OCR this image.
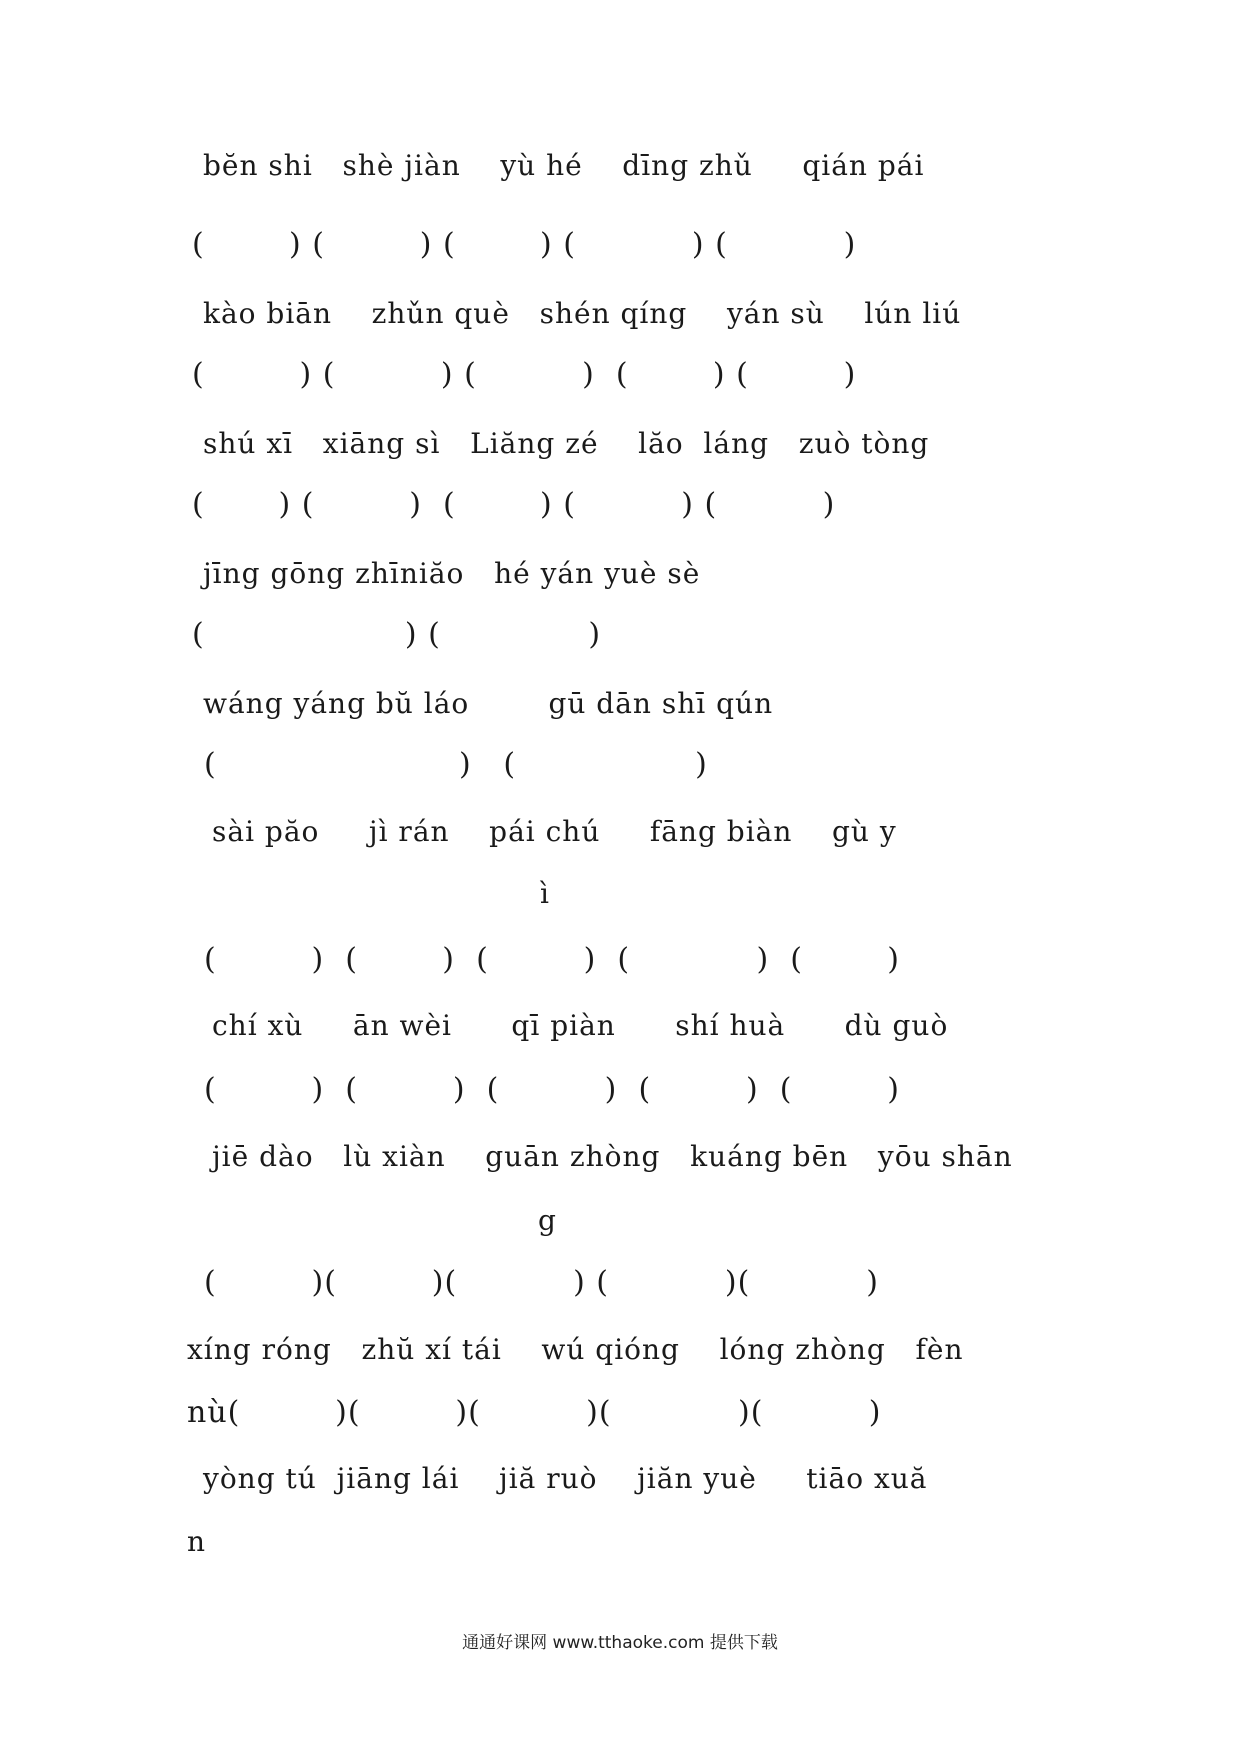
bĕn shi   shè jiàn    yù hé    dīng zhǔ     qián pái
(        ) (         ) (        ) (           ) (           )
kào biān    zhǔn què   shén qíng    yán sù    lún liú
(         ) (          ) (          )  (        ) (         )
shú xī   xiāng sì   Liăng zé    lăo  láng   zuò tòng
(       ) (         )  (        ) (          ) (          )
jīng gōng zhīniăo   hé yán yuè sè
(                   ) (              )
wáng yáng bŭ láo        gū dān shī qún
(                       )   (                 )
sài păo     jì rán    pái chú     fāng biàn    gù y
ì
(         )  (        )  (         )  (            )  (        )
chí xù     ān wèi      qī piàn      shí huà      dù guò
(         )  (         )  (          )  (         )  (         )
jiē dào   lù xiàn    guān zhòng   kuáng bēn   yōu shān
g
(         )(         )(           ) (           )(           )
xíng róng   zhŭ xí tái    wú qióng    lóng zhòng   fèn
nù(         )(         )(          )(            )(          )
yòng tú  jiāng lái    jiă ruò    jiăn yuè     tiāo xuă
n
通通好课网 www.tthaoke.com 提供下载
